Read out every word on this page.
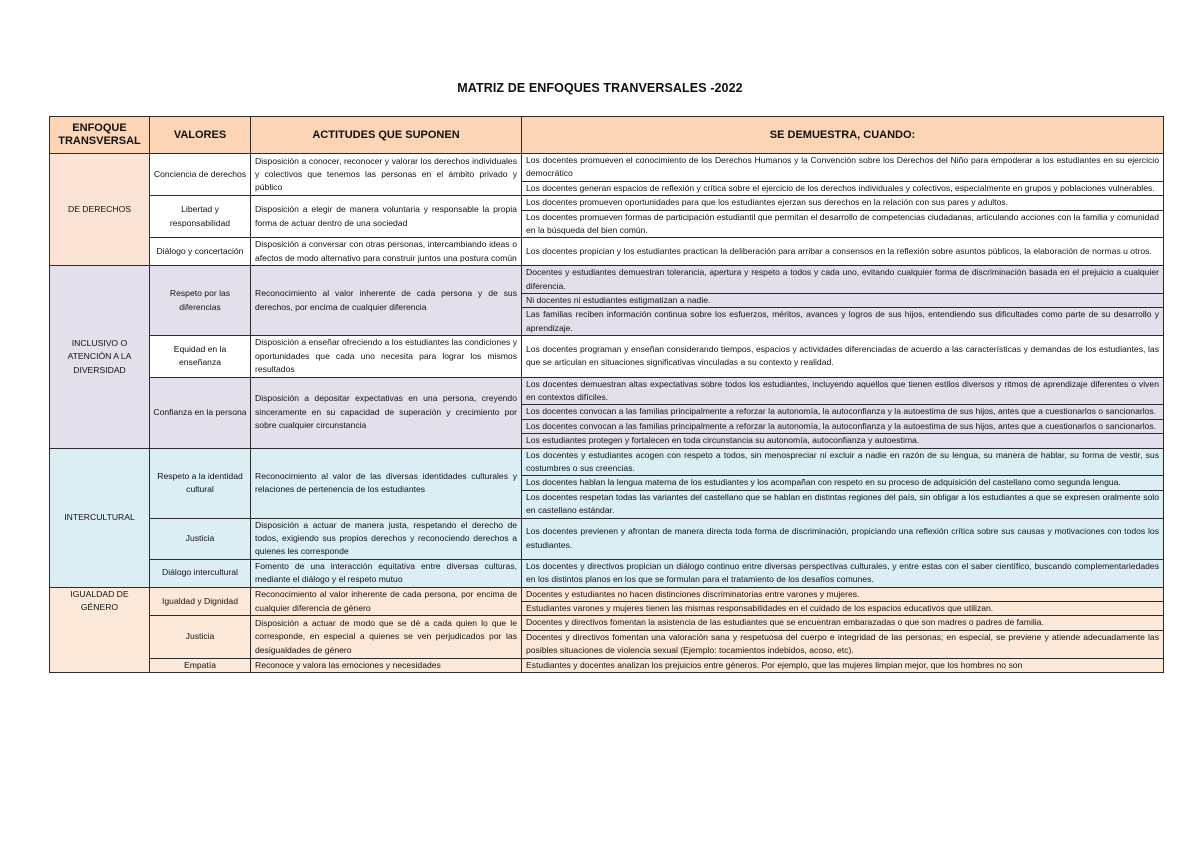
MATRIZ DE ENFOQUES TRANVERSALES -2022
ENFOQUE TRANSVERSAL	VALORES	ACTITUDES QUE SUPONEN	SE DEMUESTRA, CUANDO:
DE DERECHOS	Conciencia de derechos	Disposición a conocer, reconocer y valorar los derechos individuales y colectivos que tenemos las personas en el ámbito privado y público	Los docentes promueven el conocimiento de los Derechos Humanos y la Convención sobre los Derechos del Niño para empoderar a los estudiantes en su ejercicio democrático
			Los docentes generan espacios de reflexión y crítica sobre el ejercicio de los derechos individuales y colectivos, especialmente en grupos y poblaciones vulnerables.
	Libertad y responsabilidad	Disposición a elegir de manera voluntaria y responsable la propia forma de actuar dentro de una sociedad	Los docentes promueven oportunidades para que los estudiantes ejerzan sus derechos en la relación con sus pares y adultos.
			Los docentes promueven formas de participación estudiantil que permitan el desarrollo de competencias ciudadanas, articulando acciones con la familia y comunidad en la búsqueda del bien común.
	Diálogo y concertación	Disposición a conversar con otras personas, intercambiando ideas o afectos de modo alternativo para construir juntos una postura común	Los docentes propician y los estudiantes practican la deliberación para arribar a consensos en la reflexión sobre asuntos públicos, la elaboración de normas u otros.
INCLUSIVO O ATENCIÓN A LA DIVERSIDAD	Respeto por las diferencias	Reconocimiento al valor inherente de cada persona y de sus derechos, por encima de cualquier diferencia	Docentes y estudiantes demuestran tolerancia, apertura y respeto a todos y cada uno, evitando cualquier forma de discriminación basada en el prejuicio a cualquier diferencia.
			Ni docentes ni estudiantes estigmatizan a nadie.
			Las familias reciben información continua sobre los esfuerzos, méritos, avances y logros de sus hijos, entendiendo sus dificultades como parte de su desarrollo y aprendizaje.
	Equidad en la enseñanza	Disposición a enseñar ofreciendo a los estudiantes las condiciones y oportunidades que cada uno necesita para lograr los mismos resultados	Los docentes programan y enseñan considerando tiempos, espacios y actividades diferenciadas de acuerdo a las características y demandas de los estudiantes, las que se articulan en situaciones significativas vinculadas a su contexto y realidad.
	Confianza en la persona	Disposición a depositar expectativas en una persona, creyendo sinceramente en su capacidad de superación y crecimiento por sobre cualquier circunstancia	Los docentes demuestran altas expectativas sobre todos los estudiantes, incluyendo aquellos que tienen estilos diversos y ritmos de aprendizaje diferentes o viven en contextos difíciles.
			Los docentes convocan a las familias principalmente a reforzar la autonomía, la autoconfianza y la autoestima de sus hijos, antes que a cuestionarlos o sancionarlos.
			Los docentes convocan a las familias principalmente a reforzar la autonomía, la autoconfianza y la autoestima de sus hijos, antes que a cuestionarlos o sancionarlos.
			Los estudiantes protegen y fortalecen en toda circunstancia su autonomía, autoconfianza y autoestima.
INTERCULTURAL	Respeto a la identidad cultural	Reconocimiento al valor de las diversas identidades culturales y relaciones de pertenencia de los estudiantes	Los docentes y estudiantes acogen con respeto a todos, sin menospreciar ni excluir a nadie en razón de su lengua, su manera de hablar, su forma de vestir, sus costumbres o sus creencias.
			Los docentes hablan la lengua materna de los estudiantes y los acompañan con respeto en su proceso de adquisición del castellano como segunda lengua.
			Los docentes respetan todas las variantes del castellano que se hablan en distintas regiones del país, sin obligar a los estudiantes a que se expresen oralmente solo en castellano estándar.
	Justicia	Disposición a actuar de manera justa, respetando el derecho de todos, exigiendo sus propios derechos y reconociendo derechos a quienes les corresponde	Los docentes previenen y afrontan de manera directa toda forma de discriminación, propiciando una reflexión crítica sobre sus causas y motivaciones con todos los estudiantes.
	Diálogo intercultural	Fomento de una interacción equitativa entre diversas culturas, mediante el diálogo y el respeto mutuo	Los docentes y directivos propician un diálogo continuo entre diversas perspectivas culturales, y entre estas con el saber científico, buscando complementariedades en los distintos planos en los que se formulan para el tratamiento de los desafíos comunes.
IGUALDAD DE GÉNERO	Igualdad y Dignidad	Reconocimiento al valor inherente de cada persona, por encima de cualquier diferencia de género	Docentes y estudiantes no hacen distinciones discriminatorias entre varones y mujeres.
			Estudiantes varones y mujeres tienen las mismas responsabilidades en el cuidado de los espacios educativos que utilizan.
	Justicia	Disposición a actuar de modo que se dé a cada quien lo que le corresponde, en especial a quienes se ven perjudicados por las desigualdades de género	Docentes y directivos fomentan la asistencia de las estudiantes que se encuentran embarazadas o que son madres o padres de familia.
			Docentes y directivos fomentan una valoración sana y respetuosa del cuerpo e integridad de las personas; en especial, se previene y atiende adecuadamente las posibles situaciones de violencia sexual (Ejemplo: tocamientos indebidos, acoso, etc).
	Empatía	Reconoce y valora las emociones y necesidades	Estudiantes y docentes analizan los prejuicios entre géneros. Por ejemplo, que las mujeres limpian mejor, que los hombres no son
